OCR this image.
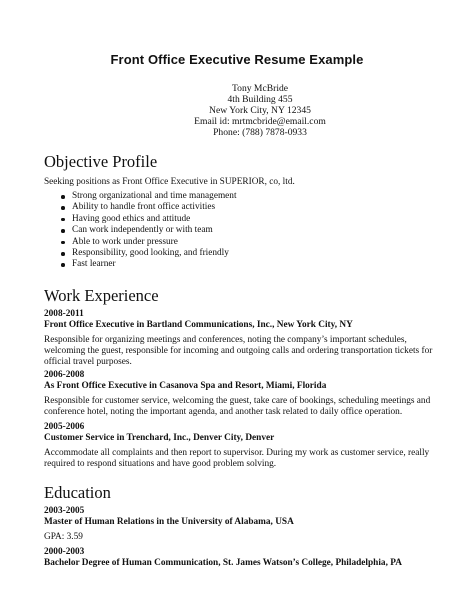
Front Office Executive Resume Example
Tony McBride
4th Building 455
New York City, NY 12345
Email id: mrtmcbride@email.com
Phone: (788) 7878-0933
Objective Profile
Seeking positions as Front Office Executive in SUPERIOR, co, ltd.
Strong organizational and time management
Ability to handle front office activities
Having good ethics and attitude
Can work independently or with team
Able to work under pressure
Responsibility, good looking, and friendly
Fast learner
Work Experience
2008-2011
Front Office Executive in Bartland Communications, Inc., New York City, NY
Responsible for organizing meetings and conferences, noting the company’s important schedules, welcoming the guest, responsible for incoming and outgoing calls and ordering transportation tickets for official travel purposes.
2006-2008
As Front Office Executive in Casanova Spa and Resort, Miami, Florida
Responsible for customer service, welcoming the guest, take care of bookings, scheduling meetings and conference hotel, noting the important agenda, and another task related to daily office operation.
2005-2006
Customer Service in Trenchard, Inc., Denver City, Denver
Accommodate all complaints and then report to supervisor. During my work as customer service, really required to respond situations and have good problem solving.
Education
2003-2005
Master of Human Relations in the University of Alabama, USA
GPA: 3.59
2000-2003
Bachelor Degree of Human Communication, St. James Watson’s College, Philadelphia, PA
